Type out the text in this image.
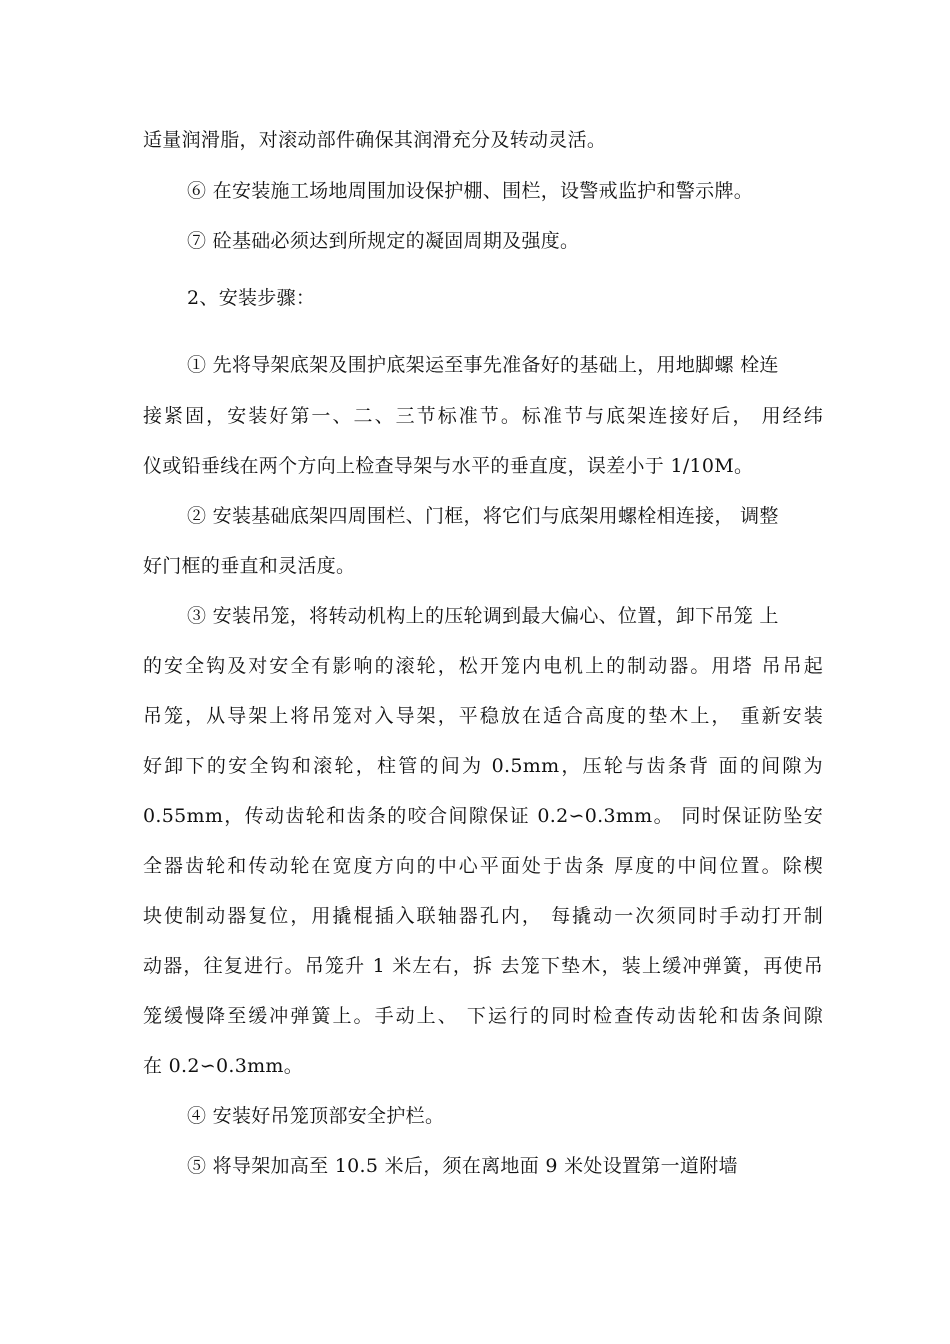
适量润滑脂，对滚动部件确保其润滑充分及转动灵活。
⑥ 在安装施工场地周围加设保护棚、围栏，设警戒监护和警示牌。
⑦ 砼基础必须达到所规定的凝固周期及强度。
2、安装步骤：
① 先将导架底架及围护底架运至事先准备好的基础上，用地脚螺 栓连
接紧固，安装好第一、二、三节标准节。标准节与底架连接好后， 用经纬
仪或铅垂线在两个方向上检查导架与水平的垂直度，误差小于 1/10M。
② 安装基础底架四周围栏、门框，将它们与底架用螺栓相连接， 调整
好门框的垂直和灵活度。
③ 安装吊笼，将转动机构上的压轮调到最大偏心、位置，卸下吊笼 上
的安全钩及对安全有影响的滚轮，松开笼内电机上的制动器。用塔 吊吊起
吊笼，从导架上将吊笼对入导架，平稳放在适合高度的垫木上， 重新安装
好卸下的安全钩和滚轮，柱管的间为 0.5mm，压轮与齿条背 面的间隙为
0.55mm，传动齿轮和齿条的咬合间隙保证 0.2∽0.3mm。 同时保证防坠安
全器齿轮和传动轮在宽度方向的中心平面处于齿条 厚度的中间位置。除楔
块使制动器复位，用撬棍插入联轴器孔内， 每撬动一次须同时手动打开制
动器，往复进行。吊笼升 1 米左右，拆 去笼下垫木，装上缓冲弹簧，再使吊
笼缓慢降至缓冲弹簧上。手动上、 下运行的同时检查传动齿轮和齿条间隙
在 0.2∽0.3mm。
④ 安装好吊笼顶部安全护栏。
⑤ 将导架加高至 10.5 米后，须在离地面 9 米处设置第一道附墙
